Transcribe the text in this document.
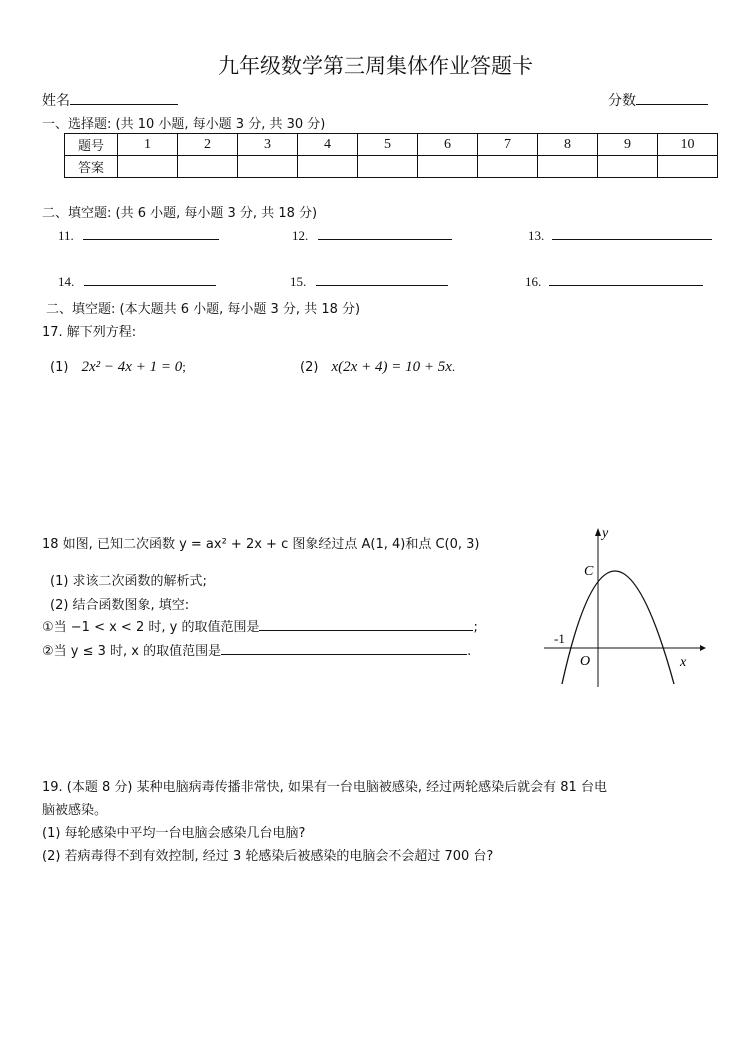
九年级数学第三周集体作业答题卡
姓名	分数
一、选择题: (共 10 小题, 每小题 3 分, 共 30 分)
题号	1	2	3	4	5	6	7	8	9	10
答案										
二、填空题: (共 6 小题, 每小题 3 分, 共 18 分)
11.	12.	13.
14.	15.	16.
二、填空题: (本大题共 6 小题, 每小题 3 分, 共 18 分)
17. 解下列方程:
(1) 2x² − 4x + 1 = 0;	(2) x(2x + 4) = 10 + 5x.
18 如图, 已知二次函数 y = ax² + 2x + c 图象经过点 A(1, 4)和点 C(0, 3)
(1) 求该二次函数的解析式;
(2) 结合函数图象, 填空:
①当 −1 < x < 2 时, y 的取值范围是	;
②当 y ≤ 3 时, x 的取值范围是	.
y
x
C
O
-1
19. (本题 8 分) 某种电脑病毒传播非常快, 如果有一台电脑被感染, 经过两轮感染后就会有 81 台电
脑被感染。
(1) 每轮感染中平均一台电脑会感染几台电脑?
(2) 若病毒得不到有效控制, 经过 3 轮感染后被感染的电脑会不会超过 700 台?
